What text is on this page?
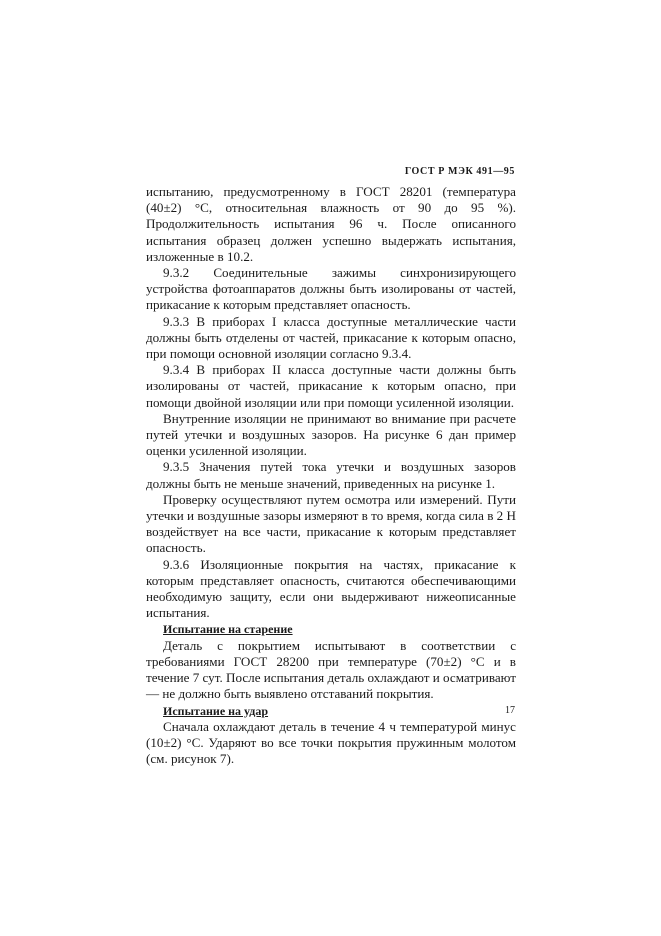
ГОСТ Р МЭК 491—95

испытанию, предусмотренному в ГОСТ 28201 (температура (40±2) °С, относительная влажность от 90 до 95 %). Продолжительность испытания 96 ч. После описанного испытания образец должен успешно выдержать испытания, изложенные в 10.2.

9.3.2 Соединительные зажимы синхронизирующего устройства фотоаппаратов должны быть изолированы от частей, прикасание к которым представляет опасность.

9.3.3 В приборах I класса доступные металлические части должны быть отделены от частей, прикасание к которым опасно, при помощи основной изоляции согласно 9.3.4.

9.3.4 В приборах II класса доступные части должны быть изолированы от частей, прикасание к которым опасно, при помощи двойной изоляции или при помощи усиленной изоляции.

Внутренние изоляции не принимают во внимание при расчете путей утечки и воздушных зазоров. На рисунке 6 дан пример оценки усиленной изоляции.

9.3.5 Значения путей тока утечки и воздушных зазоров должны быть не меньше значений, приведенных на рисунке 1.

Проверку осуществляют путем осмотра или измерений. Пути утечки и воздушные зазоры измеряют в то время, когда сила в 2 Н воздействует на все части, прикасание к которым представляет опасность.

9.3.6 Изоляционные покрытия на частях, прикасание к которым представляет опасность, считаются обеспечивающими необходимую защиту, если они выдерживают нижеописанные испытания.

Испытание на старение

Деталь с покрытием испытывают в соответствии с требованиями ГОСТ 28200 при температуре (70±2) °С и в течение 7 сут. После испытания деталь охлаждают и осматривают — не должно быть выявлено отставаний покрытия.

Испытание на удар

Сначала охлаждают деталь в течение 4 ч температурой минус (10±2) °С. Ударяют во все точки покрытия пружинным молотом (см. рисунок 7).

17
